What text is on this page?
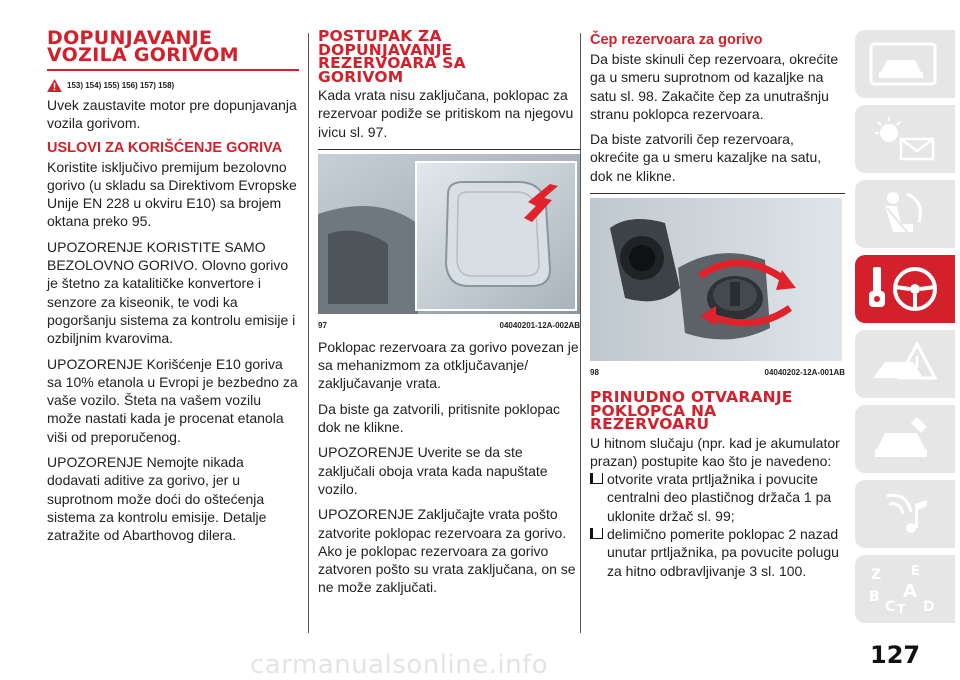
DOPUNJAVANJE
VOZILA GORIVOM
153) 154) 155) 156) 157) 158)

Uvek zaustavite motor pre dopunjavanja vozila gorivom.

USLOVI ZA KORIŠĆENJE GORIVA

Koristite isključivo premijum bezolovno gorivo (u skladu sa Direktivom Evropske Unije EN 228 u okviru E10) sa brojem oktana preko 95.

UPOZORENJE KORISTITE SAMO BEZOLOVNO GORIVO. Olovno gorivo je štetno za katalitičke konvertore i senzore za kiseonik, te vodi ka pogoršanju sistema za kontrolu emisije i ozbiljnim kvarovima.

UPOZORENJE Korišćenje E10 goriva sa 10% etanola u Evropi je bezbedno za vaše vozilo. Šteta na vašem vozilu može nastati kada je procenat etanola viši od preporučenog.

UPOZORENJE Nemojte nikada dodavati aditive za gorivo, jer u suprotnom može doći do oštećenja sistema za kontrolu emisije. Detalje zatražite od Abarthovog dilera.

POSTUPAK ZA
DOPUNJAVANJE
REZERVOARA SA
GORIVOM

Kada vrata nisu zaključana, poklopac za rezervoar podiže se pritiskom na njegovu ivicu sl. 97.

97	04040201-12A-002AB

Poklopac rezervoara za gorivo povezan je sa mehanizmom za otključavanje/ zaključavanje vrata.

Da biste ga zatvorili, pritisnite poklopac dok ne klikne.

UPOZORENJE Uverite se da ste zaključali oboja vrata kada napuštate vozilo.

UPOZORENJE Zaključajte vrata pošto zatvorite poklopac rezervoara za gorivo. Ako je poklopac rezervoara za gorivo zatvoren pošto su vrata zaključana, on se ne može zaključati.

Čep rezervoara za gorivo

Da biste skinuli čep rezervoara, okrećite ga u smeru suprotnom od kazaljke na satu sl. 98. Zakačite čep za unutrašnju stranu poklopca rezervoara.

Da biste zatvorili čep rezervoara, okrećite ga u smeru kazaljke na satu, dok ne klikne.

98	04040202-12A-001AB
PRINUDNO OTVARANJE
POKLOPCA NA
REZERVOARU

U hitnom slučaju (npr. kad je akumulator prazan) postupite kao što je navedeno:

otvorite vrata prtljažnika i povucite centralni deo plastičnog držača 1 pa uklonite držač sl. 99;

delimično pomerite poklopac 2 nazad unutar prtljažnika, pa povucite polugu za hitno odbravljivanje 3 sl. 100.	Z E
B A
C T D
127
carmanualsonline.info
